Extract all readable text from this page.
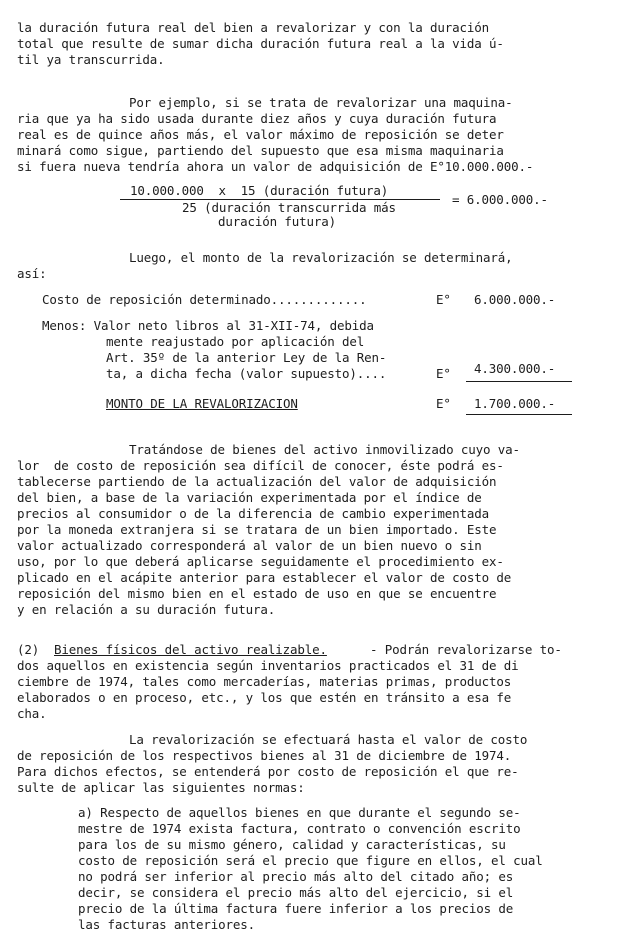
la duración futura real del bien a revalorizar y con la duración
total que resulte de sumar dicha duración futura real a la vida ú-
til ya transcurrida.
Por ejemplo, si se trata de revalorizar una maquina-
ria que ya ha sido usada durante diez años y cuya duración futura
real es de quince años más, el valor máximo de reposición se deter
minará como sigue, partiendo del supuesto que esa misma maquinaria
si fuera nueva tendría ahora un valor de adquisición de E°10.000.000.-
10.000.000  x  15 (duración futura)
25 (duración transcurrida más
duración futura)
= 6.000.000.-
Luego, el monto de la revalorización se determinará,
así:
Costo de reposición determinado.............	E° 6.000.000.-
Menos: Valor neto libros al 31-XII-74, debida
mente reajustado por aplicación del
Art. 35º de la anterior Ley de la Ren-
ta, a dicha fecha (valor supuesto)....	E° 4.300.000.-
MONTO DE LA REVALORIZACION	E° 1.700.000.-
Tratándose de bienes del activo inmovilizado cuyo va-
lor  de costo de reposición sea difícil de conocer, éste podrá es-
tablecerse partiendo de la actualización del valor de adquisición
del bien, a base de la variación experimentada por el índice de
precios al consumidor o de la diferencia de cambio experimentada
por la moneda extranjera si se tratara de un bien importado. Este
valor actualizado corresponderá al valor de un bien nuevo o sin
uso, por lo que deberá aplicarse seguidamente el procedimiento ex-
plicado en el acápite anterior para establecer el valor de costo de
reposición del mismo bien en el estado de uso en que se encuentre
y en relación a su duración futura.
(2) Bienes físicos del activo realizable.	- Podrán revalorizarse to-
dos aquellos en existencia según inventarios practicados el 31 de di
ciembre de 1974, tales como mercaderías, materias primas, productos
elaborados o en proceso, etc., y los que estén en tránsito a esa fe
cha.
La revalorización se efectuará hasta el valor de costo
de reposición de los respectivos bienes al 31 de diciembre de 1974.
Para dichos efectos, se entenderá por costo de reposición el que re-
sulte de aplicar las siguientes normas:
a) Respecto de aquellos bienes en que durante el segundo se-
mestre de 1974 exista factura, contrato o convención escrito
para los de su mismo género, calidad y características, su
costo de reposición será el precio que figure en ellos, el cual
no podrá ser inferior al precio más alto del citado año; es
decir, se considera el precio más alto del ejercicio, si el
precio de la última factura fuere inferior a los precios de
las facturas anteriores.
